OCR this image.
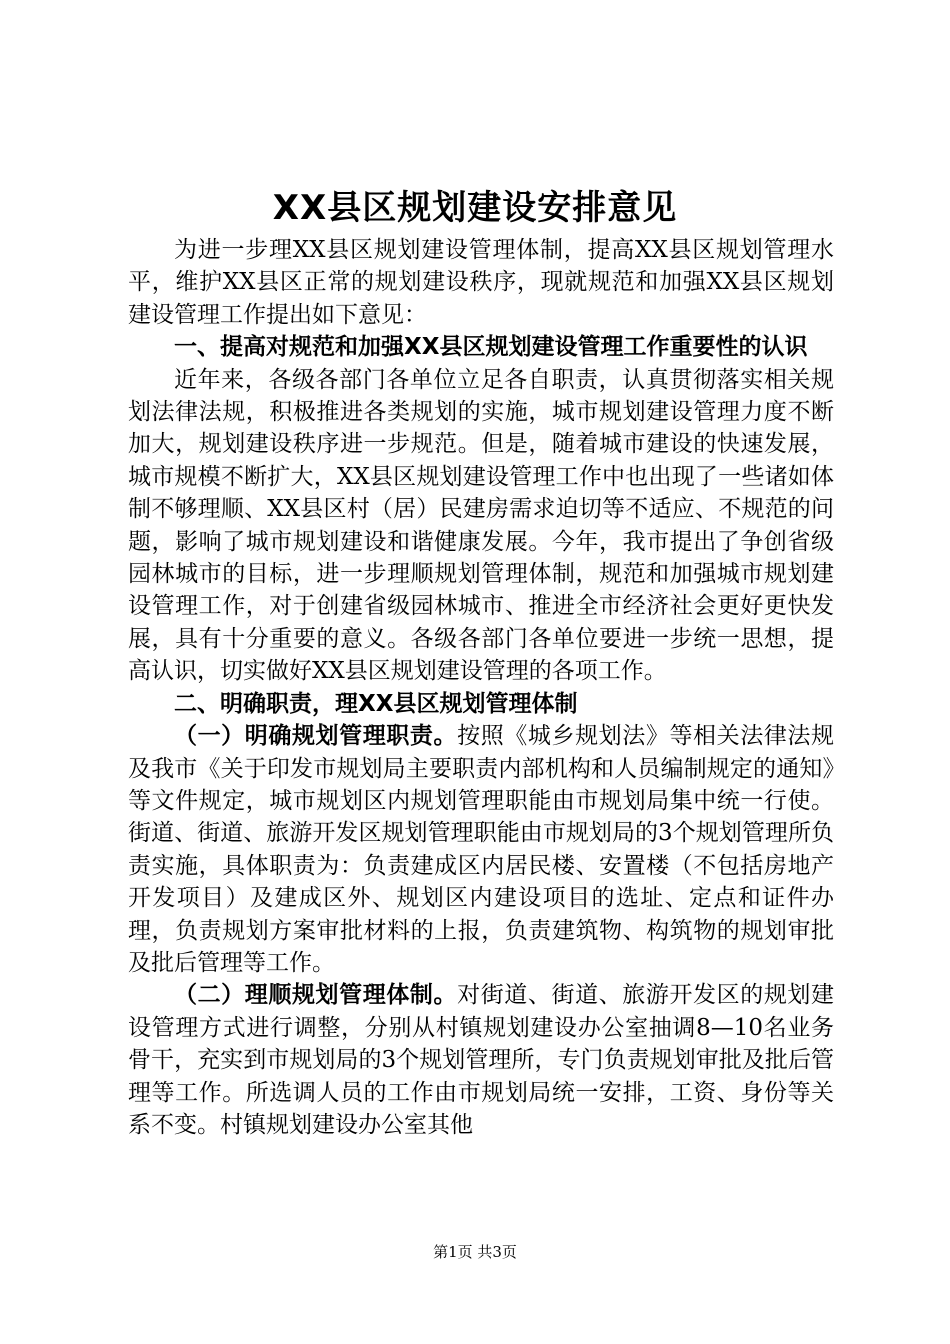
XX县区规划建设安排意见

为进一步理XX县区规划建设管理体制，提高XX县区规划管理水平，维护XX县区正常的规划建设秩序，现就规范和加强XX县区规划建设管理工作提出如下意见：

一、提高对规范和加强XX县区规划建设管理工作重要性的认识

近年来，各级各部门各单位立足各自职责，认真贯彻落实相关规划法律法规，积极推进各类规划的实施，城市规划建设管理力度不断加大，规划建设秩序进一步规范。但是，随着城市建设的快速发展，城市规模不断扩大，XX县区规划建设管理工作中也出现了一些诸如体制不够理顺、XX县区村（居）民建房需求迫切等不适应、不规范的问题，影响了城市规划建设和谐健康发展。今年，我市提出了争创省级园林城市的目标，进一步理顺规划管理体制，规范和加强城市规划建设管理工作，对于创建省级园林城市、推进全市经济社会更好更快发展，具有十分重要的意义。各级各部门各单位要进一步统一思想，提高认识，切实做好XX县区规划建设管理的各项工作。

二、明确职责，理XX县区规划管理体制

（一）明确规划管理职责。按照《城乡规划法》等相关法律法规及我市《关于印发市规划局主要职责内部机构和人员编制规定的通知》等文件规定，城市规划区内规划管理职能由市规划局集中统一行使。街道、街道、旅游开发区规划管理职能由市规划局的3个规划管理所负责实施，具体职责为：负责建成区内居民楼、安置楼（不包括房地产开发项目）及建成区外、规划区内建设项目的选址、定点和证件办理，负责规划方案审批材料的上报，负责建筑物、构筑物的规划审批及批后管理等工作。

（二）理顺规划管理体制。对街道、街道、旅游开发区的规划建设管理方式进行调整，分别从村镇规划建设办公室抽调8—10名业务骨干，充实到市规划局的3个规划管理所，专门负责规划审批及批后管理等工作。所选调人员的工作由市规划局统一安排，工资、身份等关系不变。村镇规划建设办公室其他

第1页 共3页
